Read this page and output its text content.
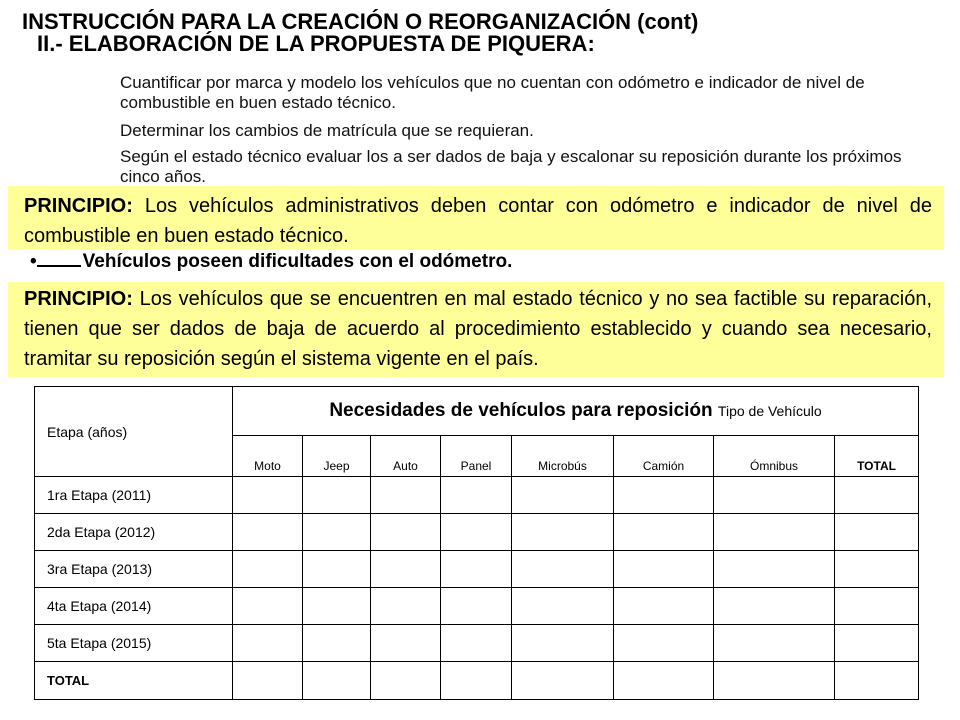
INSTRUCCIÓN PARA LA CREACIÓN O REORGANIZACIÓN (cont)
II.- ELABORACIÓN DE LA PROPUESTA DE PIQUERA:
Cuantificar por marca y modelo los vehículos que no cuentan con odómetro e indicador de nivel de combustible en buen estado técnico.
Determinar los cambios de matrícula que se requieran.
Según el estado técnico evaluar los a ser dados de baja y escalonar su reposición durante los próximos cinco años.
PRINCIPIO: Los vehículos administrativos deben contar con odómetro e indicador de nivel de combustible en buen estado técnico.
• Vehículos poseen dificultades con el odómetro.
PRINCIPIO: Los vehículos que se encuentren en mal estado técnico y no sea factible su reparación, tienen que ser dados de baja de acuerdo al procedimiento establecido y cuando sea necesario, tramitar su reposición según el sistema vigente en el país.
Etapa (años)	Necesidades de vehículos para reposición Tipo de Vehículo							
	Moto	Jeep	Auto	Panel	Microbús	Camión	Ómnibus	TOTAL
1ra Etapa (2011)								
2da Etapa (2012)								
3ra Etapa (2013)								
4ta Etapa (2014)								
5ta Etapa (2015)								
TOTAL								
